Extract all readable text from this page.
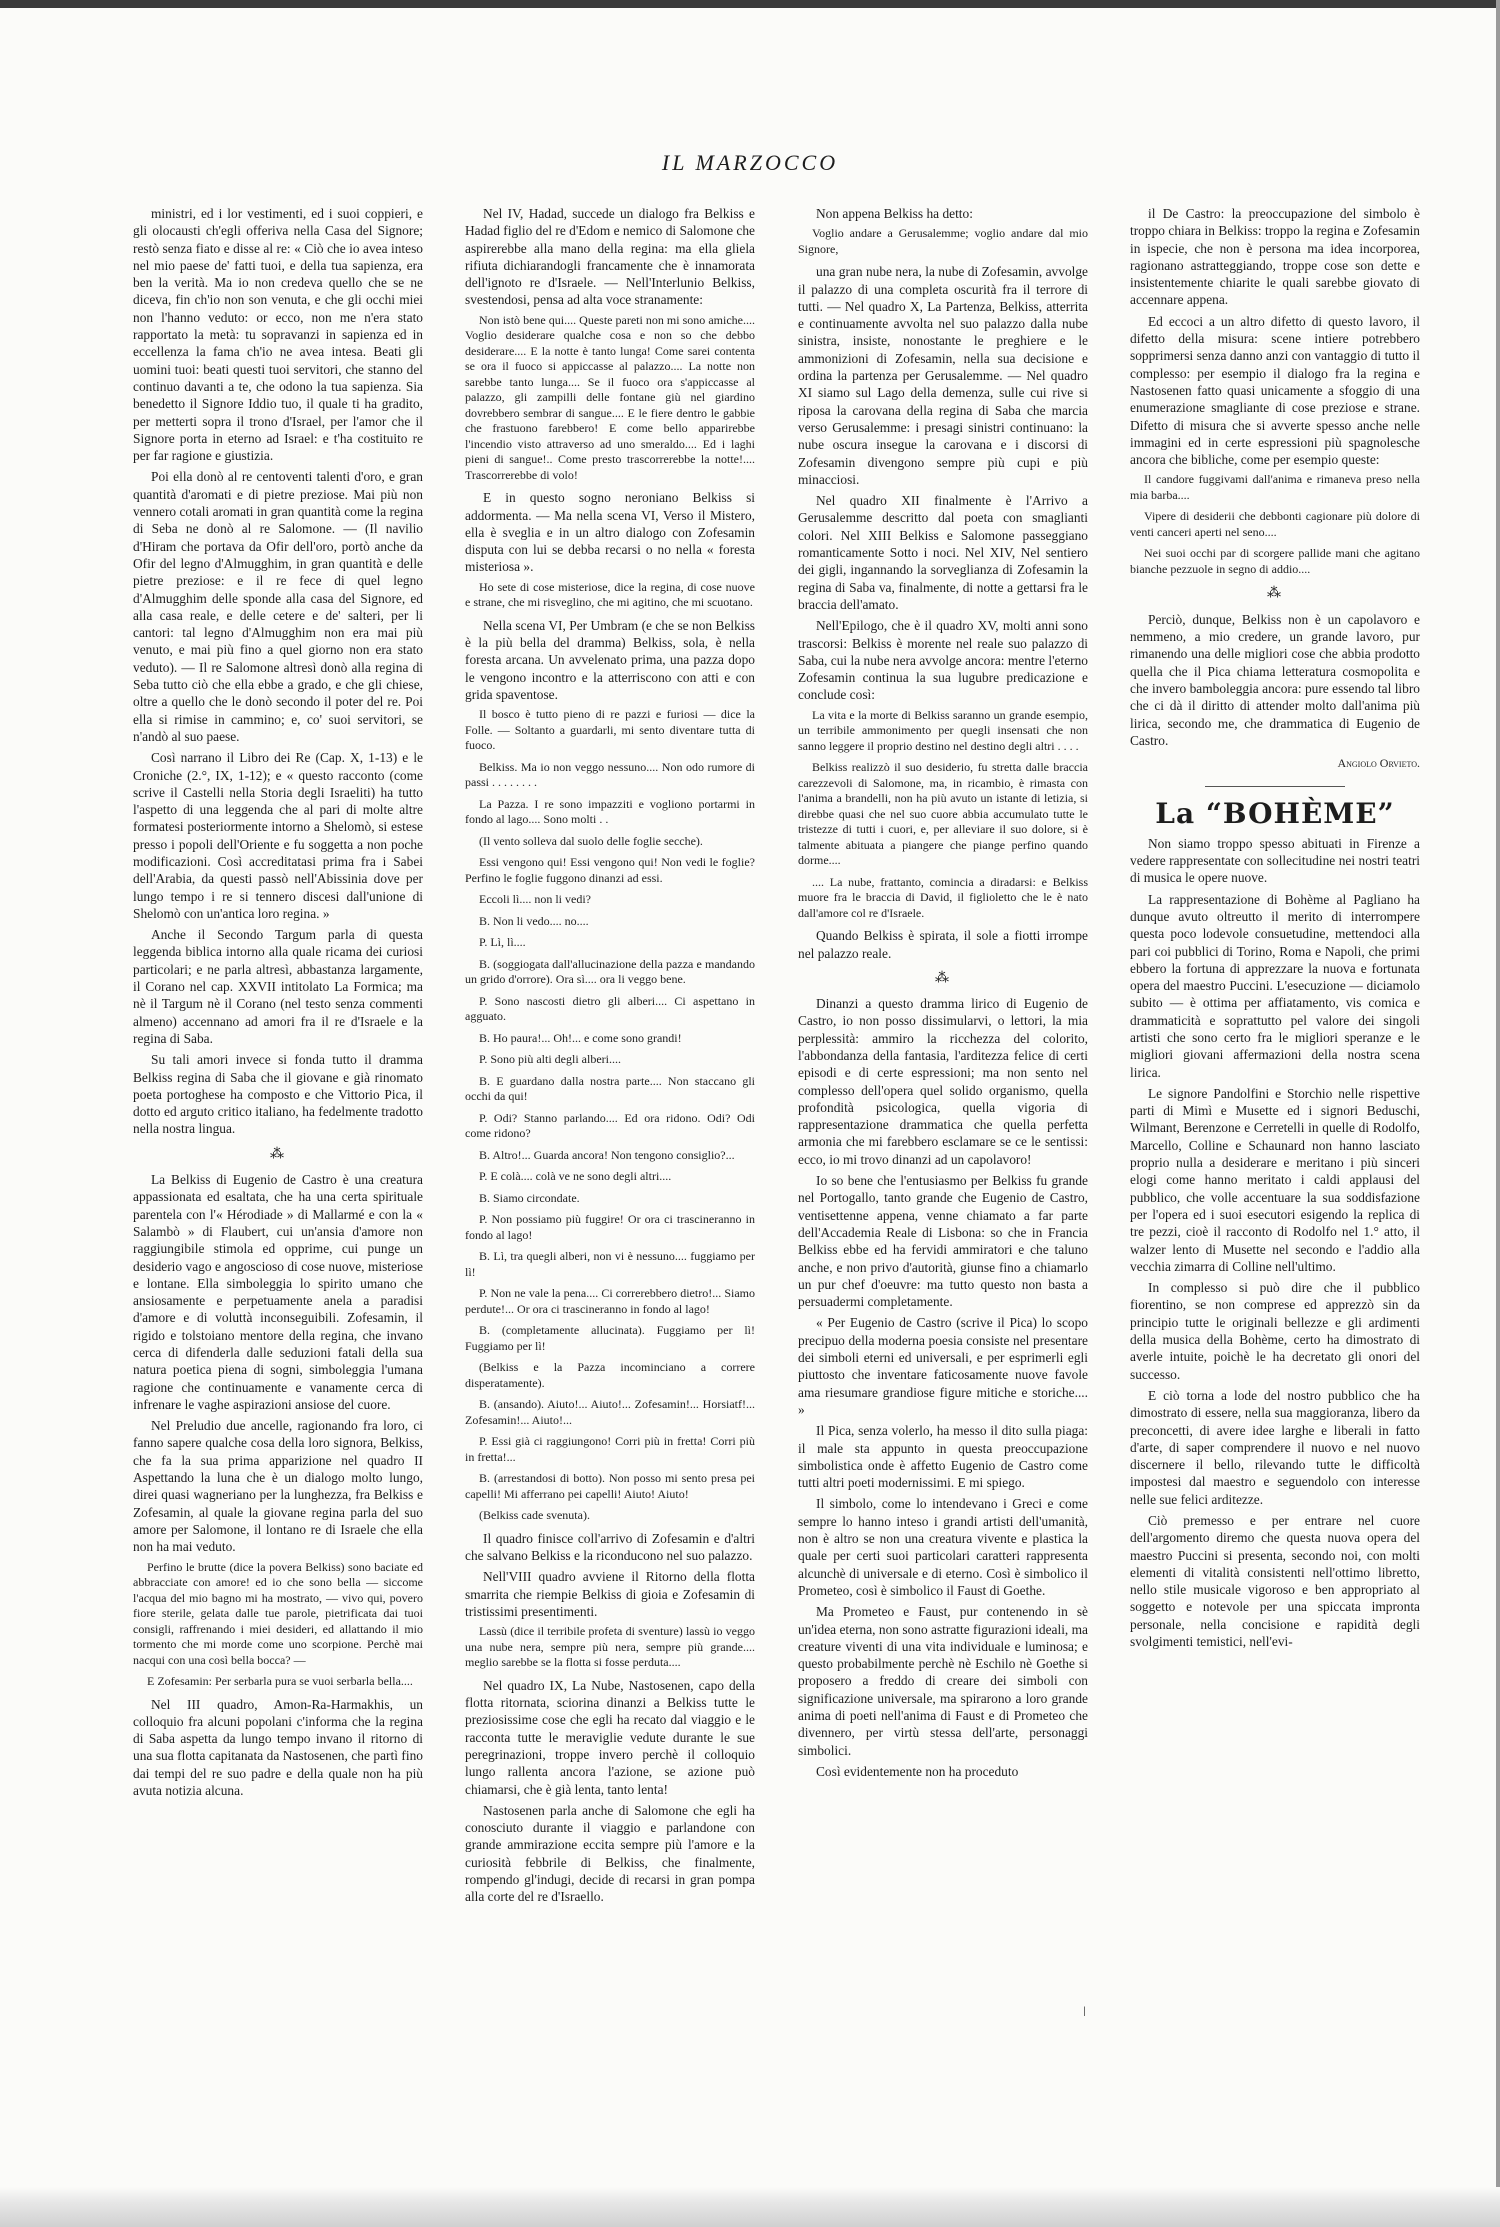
IL MARZOCCO

ministri, ed i lor vestimenti, ed i suoi coppieri, e gli olocausti ch'egli offeriva nella Casa del Signore; restò senza fiato e disse al re: « Ciò che io avea inteso nel mio paese de' fatti tuoi, e della tua sapienza, era ben la verità. Ma io non credeva quello che se ne diceva, fin ch'io non son venuta, e che gli occhi miei non l'hanno veduto: or ecco, non me n'era stato rapportato la metà: tu sopravanzi in sapienza ed in eccellenza la fama ch'io ne avea intesa. Beati gli uomini tuoi: beati questi tuoi servitori, che stanno del continuo davanti a te, che odono la tua sapienza. Sia benedetto il Signore Iddio tuo, il quale ti ha gradito, per metterti sopra il trono d'Israel, per l'amor che il Signore porta in eterno ad Israel: e t'ha costituito re per far ragione e giustizia.

Poi ella donò al re centoventi talenti d'oro, e gran quantità d'aromati e di pietre preziose. Mai più non vennero cotali aromati in gran quantità come la regina di Seba ne donò al re Salomone. — (Il navilio d'Hiram che portava da Ofir dell'oro, portò anche da Ofir del legno d'Almugghim, in gran quantità e delle pietre preziose: e il re fece di quel legno d'Almugghim delle sponde alla casa del Signore, ed alla casa reale, e delle cetere e de' salteri, per li cantori: tal legno d'Almugghim non era mai più venuto, e mai più fino a quel giorno non era stato veduto). — Il re Salomone altresì donò alla regina di Seba tutto ciò che ella ebbe a grado, e che gli chiese, oltre a quello che le donò secondo il poter del re. Poi ella si rimise in cammino; e, co' suoi servitori, se n'andò al suo paese.

Così narrano il Libro dei Re (Cap. X, 1-13) e le Croniche (2.°, IX, 1-12); e « questo racconto (come scrive il Castelli nella Storia degli Israeliti) ha tutto l'aspetto di una leggenda che al pari di molte altre formatesi posteriormente intorno a Shelomò, si estese presso i popoli dell'Oriente e fu soggetta a non poche modificazioni. Così accreditatasi prima fra i Sabei dell'Arabia, da questi passò nell'Abissinia dove per lungo tempo i re si tennero discesi dall'unione di Shelomò con un'antica loro regina. »

Anche il Secondo Targum parla di questa leggenda biblica intorno alla quale ricama dei curiosi particolari; e ne parla altresì, abbastanza largamente, il Corano nel cap. XXVII intitolato La Formica; ma nè il Targum nè il Corano (nel testo senza commenti almeno) accennano ad amori fra il re d'Israele e la regina di Saba.

Su tali amori invece si fonda tutto il dramma Belkiss regina di Saba che il giovane e già rinomato poeta portoghese ha composto e che Vittorio Pica, il dotto ed arguto critico italiano, ha fedelmente tradotto nella nostra lingua.

⁂

La Belkiss di Eugenio de Castro è una creatura appassionata ed esaltata, che ha una certa spirituale parentela con l'« Hérodiade » di Mallarmé e con la « Salambò » di Flaubert, cui un'ansia d'amore non raggiungibile stimola ed opprime, cui punge un desiderio vago e angoscioso di cose nuove, misteriose e lontane. Ella simboleggia lo spirito umano che ansiosamente e perpetuamente anela a paradisi d'amore e di voluttà inconseguibili. Zofesamin, il rigido e tolstoiano mentore della regina, che invano cerca di difenderla dalle seduzioni fatali della sua natura poetica piena di sogni, simboleggia l'umana ragione che continuamente e vanamente cerca di infrenare le vaghe aspirazioni ansiose del cuore.

Nel Preludio due ancelle, ragionando fra loro, ci fanno sapere qualche cosa della loro signora, Belkiss, che fa la sua prima apparizione nel quadro II Aspettando la luna che è un dialogo molto lungo, direi quasi wagneriano per la lunghezza, fra Belkiss e Zofesamin, al quale la giovane regina parla del suo amore per Salomone, il lontano re di Israele che ella non ha mai veduto.

Perfino le brutte (dice la povera Belkiss) sono baciate ed abbracciate con amore! ed io che sono bella — siccome l'acqua del mio bagno mi ha mostrato, — vivo qui, povero fiore sterile, gelata dalle tue parole, pietrificata dai tuoi consigli, raffrenando i miei desideri, ed allattando il mio tormento che mi morde come uno scorpione. Perchè mai nacqui con una così bella bocca? —

E Zofesamin: Per serbarla pura se vuoi serbarla bella....

Nel III quadro, Amon-Ra-Harmakhis, un colloquio fra alcuni popolani c'informa che la regina di Saba aspetta da lungo tempo invano il ritorno di una sua flotta capitanata da Nastosenen, che partì fino dai tempi del re suo padre e della quale non ha più avuta notizia alcuna.

Nel IV, Hadad, succede un dialogo fra Belkiss e Hadad figlio del re d'Edom e nemico di Salomone che aspirerebbe alla mano della regina: ma ella gliela rifiuta dichiarandogli francamente che è innamorata dell'ignoto re d'Israele. — Nell'Interlunio Belkiss, svestendosi, pensa ad alta voce stranamente:

Non istò bene qui.... Queste pareti non mi sono amiche.... Voglio desiderare qualche cosa e non so che debbo desiderare.... E la notte è tanto lunga! Come sarei contenta se ora il fuoco si appiccasse al palazzo.... La notte non sarebbe tanto lunga.... Se il fuoco ora s'appiccasse al palazzo, gli zampilli delle fontane giù nel giardino dovrebbero sembrar di sangue.... E le fiere dentro le gabbie che frastuono farebbero! E come bello apparirebbe l'incendio visto attraverso ad uno smeraldo.... Ed i laghi pieni di sangue!.. Come presto trascorrerebbe la notte!.... Trascorrerebbe di volo!

E in questo sogno neroniano Belkiss si addormenta. — Ma nella scena VI, Verso il Mistero, ella è sveglia e in un altro dialogo con Zofesamin disputa con lui se debba recarsi o no nella « foresta misteriosa ».

Ho sete di cose misteriose, dice la regina, di cose nuove e strane, che mi risveglino, che mi agitino, che mi scuotano.

Nella scena VI, Per Umbram (e che se non Belkiss è la più bella del dramma) Belkiss, sola, è nella foresta arcana. Un avvelenato prima, una pazza dopo le vengono incontro e la atterriscono con atti e con grida spaventose.

Il bosco è tutto pieno di re pazzi e furiosi — dice la Folle. — Soltanto a guardarli, mi sento diventare tutta di fuoco.

Belkiss. Ma io non veggo nessuno.... Non odo rumore di passi . . . . . . . .

La Pazza. I re sono impazziti e vogliono portarmi in fondo al lago.... Sono molti . .

(Il vento solleva dal suolo delle foglie secche).

Essi vengono qui! Essi vengono qui! Non vedi le foglie? Perfino le foglie fuggono dinanzi ad essi.

Eccoli lì.... non li vedi?

B. Non li vedo.... no....

P. Lì, lì....

B. (soggiogata dall'allucinazione della pazza e mandando un grido d'orrore). Ora sì.... ora li veggo bene.

P. Sono nascosti dietro gli alberi.... Ci aspettano in agguato.

B. Ho paura!... Oh!... e come sono grandi!

P. Sono più alti degli alberi....

B. E guardano dalla nostra parte.... Non staccano gli occhi da qui!

P. Odi? Stanno parlando.... Ed ora ridono. Odi? Odi come ridono?

B. Altro!... Guarda ancora! Non tengono consiglio?...

P. E colà.... colà ve ne sono degli altri....

B. Siamo circondate.

P. Non possiamo più fuggire! Or ora ci trascineranno in fondo al lago!

B. Lì, tra quegli alberi, non vi è nessuno.... fuggiamo per lì!

P. Non ne vale la pena.... Ci correrebbero dietro!... Siamo perdute!... Or ora ci trascineranno in fondo al lago!

B. (completamente allucinata). Fuggiamo per lì! Fuggiamo per lì!

(Belkiss e la Pazza incominciano a correre disperatamente).

B. (ansando). Aiuto!... Aiuto!... Zofesamin!... Horsiatf!... Zofesamin!... Aiuto!...

P. Essi già ci raggiungono! Corri più in fretta! Corri più in fretta!...

B. (arrestandosi di botto). Non posso mi sento presa pei capelli! Mi afferrano pei capelli! Aiuto! Aiuto!

(Belkiss cade svenuta).

Il quadro finisce coll'arrivo di Zofesamin e d'altri che salvano Belkiss e la riconducono nel suo palazzo.

Nell'VIII quadro avviene il Ritorno della flotta smarrita che riempie Belkiss di gioia e Zofesamin di tristissimi presentimenti.

Lassù (dice il terribile profeta di sventure) lassù io veggo una nube nera, sempre più nera, sempre più grande.... meglio sarebbe se la flotta si fosse perduta....

Nel quadro IX, La Nube, Nastosenen, capo della flotta ritornata, sciorina dinanzi a Belkiss tutte le preziosissime cose che egli ha recato dal viaggio e le racconta tutte le meraviglie vedute durante le sue peregrinazioni, troppe invero perchè il colloquio lungo rallenta ancora l'azione, se azione può chiamarsi, che è già lenta, tanto lenta!

Nastosenen parla anche di Salomone che egli ha conosciuto durante il viaggio e parlandone con grande ammirazione eccita sempre più l'amore e la curiosità febbrile di Belkiss, che finalmente, rompendo gl'indugi, decide di recarsi in gran pompa alla corte del re d'Israello.

Non appena Belkiss ha detto:

Voglio andare a Gerusalemme; voglio andare dal mio Signore,

una gran nube nera, la nube di Zofesamin, avvolge il palazzo di una completa oscurità fra il terrore di tutti. — Nel quadro X, La Partenza, Belkiss, atterrita e continuamente avvolta nel suo palazzo dalla nube sinistra, insiste, nonostante le preghiere e le ammonizioni di Zofesamin, nella sua decisione e ordina la partenza per Gerusalemme. — Nel quadro XI siamo sul Lago della demenza, sulle cui rive si riposa la carovana della regina di Saba che marcia verso Gerusalemme: i presagi sinistri continuano: la nube oscura insegue la carovana e i discorsi di Zofesamin divengono sempre più cupi e più minacciosi.

Nel quadro XII finalmente è l'Arrivo a Gerusalemme descritto dal poeta con smaglianti colori. Nel XIII Belkiss e Salomone passeggiano romanticamente Sotto i noci. Nel XIV, Nel sentiero dei gigli, ingannando la sorveglianza di Zofesamin la regina di Saba va, finalmente, di notte a gettarsi fra le braccia dell'amato.

Nell'Epilogo, che è il quadro XV, molti anni sono trascorsi: Belkiss è morente nel reale suo palazzo di Saba, cui la nube nera avvolge ancora: mentre l'eterno Zofesamin continua la sua lugubre predicazione e conclude così:

La vita e la morte di Belkiss saranno un grande esempio, un terribile ammonimento per quegli insensati che non sanno leggere il proprio destino nel destino degli altri . . . .

Belkiss realizzò il suo desiderio, fu stretta dalle braccia carezzevoli di Salomone, ma, in ricambio, è rimasta con l'anima a brandelli, non ha più avuto un istante di letizia, si direbbe quasi che nel suo cuore abbia accumulato tutte le tristezze di tutti i cuori, e, per alleviare il suo dolore, si è talmente abituata a piangere che piange perfino quando dorme....

.... La nube, frattanto, comincia a diradarsi: e Belkiss muore fra le braccia di David, il figlioletto che le è nato dall'amore col re d'Israele.

Quando Belkiss è spirata, il sole a fiotti irrompe nel palazzo reale.

⁂

Dinanzi a questo dramma lirico di Eugenio de Castro, io non posso dissimularvi, o lettori, la mia perplessità: ammiro la ricchezza del colorito, l'abbondanza della fantasia, l'arditezza felice di certi episodi e di certe espressioni; ma non sento nel complesso dell'opera quel solido organismo, quella profondità psicologica, quella vigoria di rappresentazione drammatica che quella perfetta armonia che mi farebbero esclamare se ce le sentissi: ecco, io mi trovo dinanzi ad un capolavoro!

Io so bene che l'entusiasmo per Belkiss fu grande nel Portogallo, tanto grande che Eugenio de Castro, ventisettenne appena, venne chiamato a far parte dell'Accademia Reale di Lisbona: so che in Francia Belkiss ebbe ed ha fervidi ammiratori e che taluno anche, e non privo d'autorità, giunse fino a chiamarlo un pur chef d'oeuvre: ma tutto questo non basta a persuadermi completamente.

« Per Eugenio de Castro (scrive il Pica) lo scopo precipuo della moderna poesia consiste nel presentare dei simboli eterni ed universali, e per esprimerli egli piuttosto che inventare faticosamente nuove favole ama riesumare grandiose figure mitiche e storiche.... »

Il Pica, senza volerlo, ha messo il dito sulla piaga: il male sta appunto in questa preoccupazione simbolistica onde è affetto Eugenio de Castro come tutti altri poeti modernissimi. E mi spiego.

Il simbolo, come lo intendevano i Greci e come sempre lo hanno inteso i grandi artisti dell'umanità, non è altro se non una creatura vivente e plastica la quale per certi suoi particolari caratteri rappresenta alcunchè di universale e di eterno. Così è simbolico il Prometeo, così è simbolico il Faust di Goethe.

Ma Prometeo e Faust, pur contenendo in sè un'idea eterna, non sono astratte figurazioni ideali, ma creature viventi di una vita individuale e luminosa; e questo probabilmente perchè nè Eschilo nè Goethe si proposero a freddo di creare dei simboli con significazione universale, ma spirarono a loro grande anima di poeti nell'anima di Faust e di Prometeo che divennero, per virtù stessa dell'arte, personaggi simbolici.

Così evidentemente non ha proceduto

il De Castro: la preoccupazione del simbolo è troppo chiara in Belkiss: troppo la regina e Zofesamin in ispecie, che non è persona ma idea incorporea, ragionano astratteggiando, troppe cose son dette e insistentemente chiarite le quali sarebbe giovato di accennare appena.

Ed eccoci a un altro difetto di questo lavoro, il difetto della misura: scene intiere potrebbero sopprimersi senza danno anzi con vantaggio di tutto il complesso: per esempio il dialogo fra la regina e Nastosenen fatto quasi unicamente a sfoggio di una enumerazione smagliante di cose preziose e strane. Difetto di misura che si avverte spesso anche nelle immagini ed in certe espressioni più spagnolesche ancora che bibliche, come per esempio queste:

Il candore fuggivami dall'anima e rimaneva preso nella mia barba....

Vipere di desiderii che debbonti cagionare più dolore di venti canceri aperti nel seno....

Nei suoi occhi par di scorgere pallide mani che agitano bianche pezzuole in segno di addio....

⁂

Perciò, dunque, Belkiss non è un capolavoro e nemmeno, a mio credere, un grande lavoro, pur rimanendo una delle migliori cose che abbia prodotto quella che il Pica chiama letteratura cosmopolita e che invero bamboleggia ancora: pure essendo tal libro che ci dà il diritto di attender molto dall'anima più lirica, secondo me, che drammatica di Eugenio de Castro.

Angiolo Orvieto.

La “BOHÈME”

Non siamo troppo spesso abituati in Firenze a vedere rappresentate con sollecitudine nei nostri teatri di musica le opere nuove.

La rappresentazione di Bohème al Pagliano ha dunque avuto oltreutto il merito di interrompere questa poco lodevole consuetudine, mettendoci alla pari coi pubblici di Torino, Roma e Napoli, che primi ebbero la fortuna di apprezzare la nuova e fortunata opera del maestro Puccini. L'esecuzione — diciamolo subito — è ottima per affiatamento, vis comica e drammaticità e soprattutto pel valore dei singoli artisti che sono certo fra le migliori speranze e le migliori giovani affermazioni della nostra scena lirica.

Le signore Pandolfini e Storchio nelle rispettive parti di Mimì e Musette ed i signori Beduschi, Wilmant, Berenzone e Cerretelli in quelle di Rodolfo, Marcello, Colline e Schaunard non hanno lasciato proprio nulla a desiderare e meritano i più sinceri elogi come hanno meritato i caldi applausi del pubblico, che volle accentuare la sua soddisfazione per l'opera ed i suoi esecutori esigendo la replica di tre pezzi, cioè il racconto di Rodolfo nel 1.° atto, il walzer lento di Musette nel secondo e l'addio alla vecchia zimarra di Colline nell'ultimo.

In complesso si può dire che il pubblico fiorentino, se non comprese ed apprezzò sin da principio tutte le originali bellezze e gli ardimenti della musica della Bohème, certo ha dimostrato di averle intuite, poichè le ha decretato gli onori del successo.

E ciò torna a lode del nostro pubblico che ha dimostrato di essere, nella sua maggioranza, libero da preconcetti, di avere idee larghe e liberali in fatto d'arte, di saper comprendere il nuovo e nel nuovo discernere il bello, rilevando tutte le difficoltà impostesi dal maestro e seguendolo con interesse nelle sue felici arditezze.

Ciò premesso e per entrare nel cuore dell'argomento diremo che questa nuova opera del maestro Puccini si presenta, secondo noi, con molti elementi di vitalità consistenti nell'ottimo libretto, nello stile musicale vigoroso e ben appropriato al soggetto e notevole per una spiccata impronta personale, nella concisione e rapidità degli svolgimenti temistici, nell'evi-

ǀ
